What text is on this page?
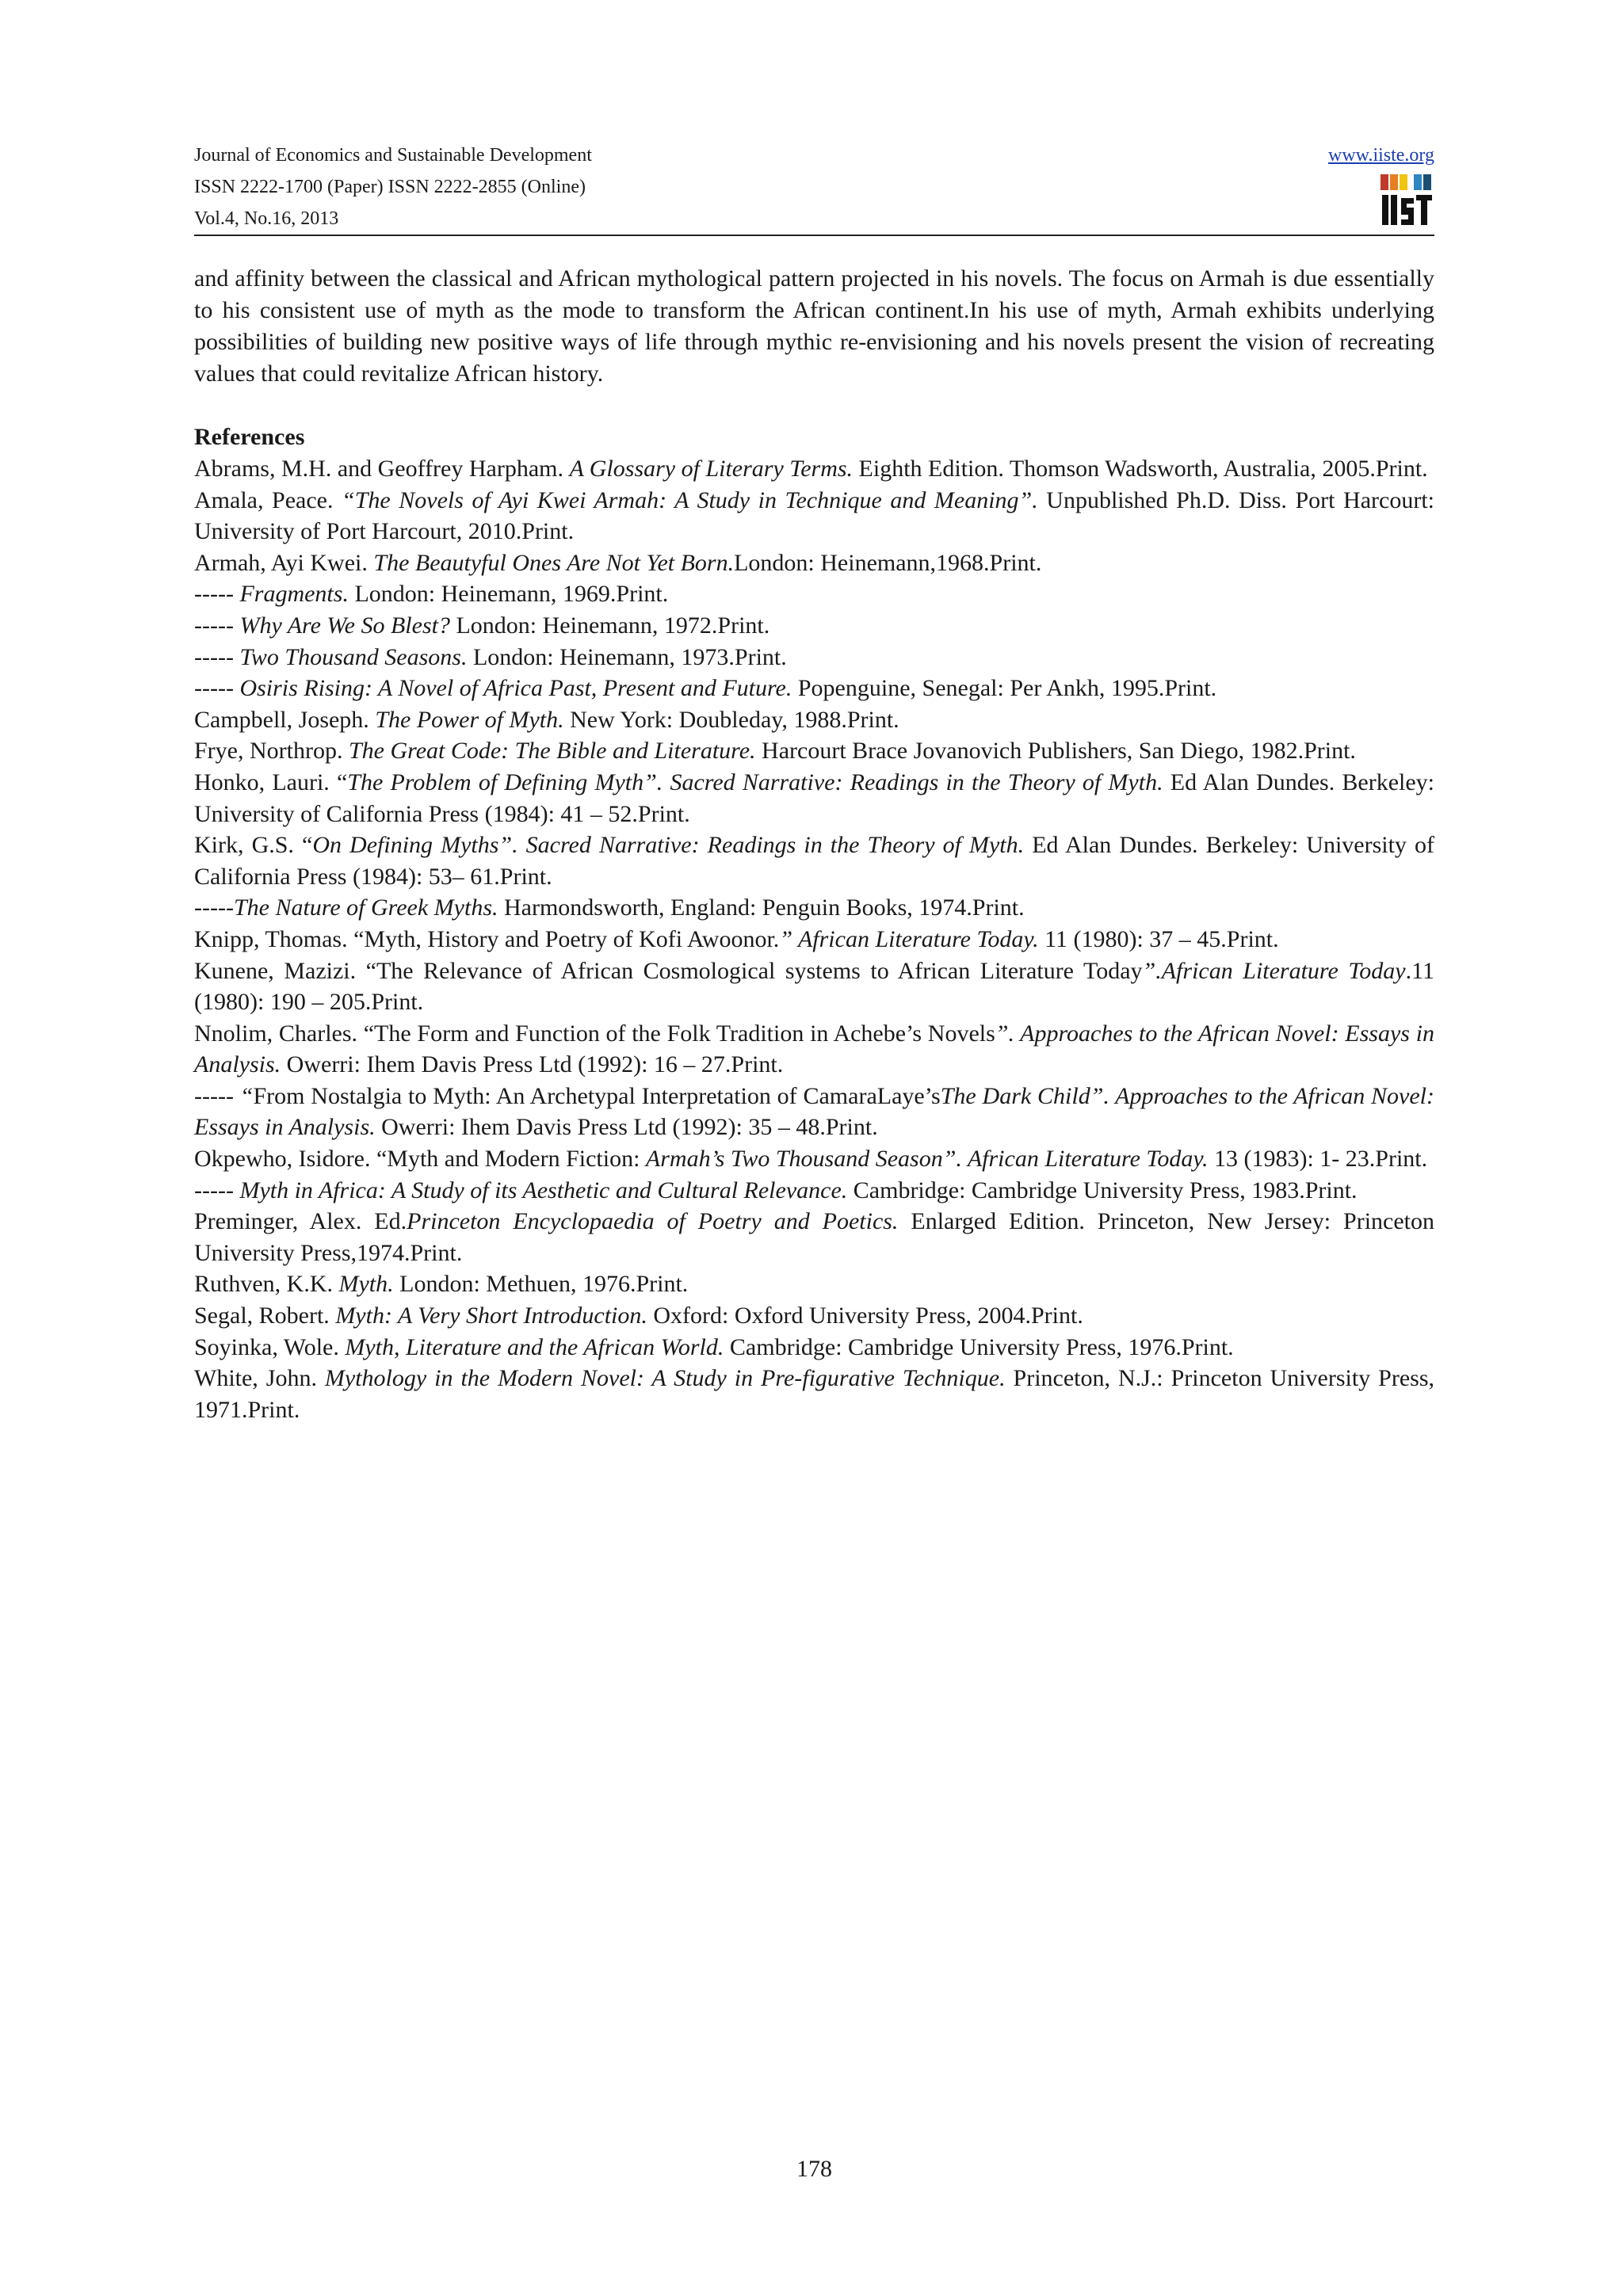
Journal of Economics and Sustainable Development
ISSN 2222-1700 (Paper) ISSN 2222-2855 (Online)
Vol.4, No.16, 2013
www.iiste.org
and affinity between the classical and African mythological pattern projected in his novels. The focus on Armah is due essentially to his consistent use of myth as the mode to transform the African continent.In his use of myth, Armah exhibits underlying possibilities of building new positive ways of life through mythic re-envisioning and his novels present the vision of recreating values that could revitalize African history.
References

Abrams, M.H. and Geoffrey Harpham. A Glossary of Literary Terms. Eighth Edition. Thomson Wadsworth, Australia, 2005.Print.

Amala, Peace. “The Novels of Ayi Kwei Armah: A Study in Technique and Meaning”. Unpublished Ph.D. Diss. Port Harcourt: University of Port Harcourt, 2010.Print.

Armah, Ayi Kwei. The Beautyful Ones Are Not Yet Born.London: Heinemann,1968.Print.

----- Fragments. London: Heinemann, 1969.Print.

----- Why Are We So Blest? London: Heinemann, 1972.Print.

----- Two Thousand Seasons. London: Heinemann, 1973.Print.

----- Osiris Rising: A Novel of Africa Past, Present and Future. Popenguine, Senegal: Per Ankh, 1995.Print.

Campbell, Joseph. The Power of Myth. New York: Doubleday, 1988.Print.

Frye, Northrop. The Great Code: The Bible and Literature. Harcourt Brace Jovanovich Publishers, San Diego, 1982.Print.

Honko, Lauri. “The Problem of Defining Myth”. Sacred Narrative: Readings in the Theory of Myth. Ed Alan Dundes. Berkeley: University of California Press (1984): 41 – 52.Print.

Kirk, G.S. “On Defining Myths”. Sacred Narrative: Readings in the Theory of Myth. Ed Alan Dundes. Berkeley: University of California Press (1984): 53– 61.Print.

-----The Nature of Greek Myths. Harmondsworth, England: Penguin Books, 1974.Print.

Knipp, Thomas. “Myth, History and Poetry of Kofi Awoonor.” African Literature Today. 11 (1980): 37 – 45.Print.

Kunene, Mazizi. “The Relevance of African Cosmological systems to African Literature Today”.African Literature Today.11 (1980): 190 – 205.Print.

Nnolim, Charles. “The Form and Function of the Folk Tradition in Achebe’s Novels”. Approaches to the African Novel: Essays in Analysis. Owerri: Ihem Davis Press Ltd (1992): 16 – 27.Print.

----- “From Nostalgia to Myth: An Archetypal Interpretation of CamaraLaye’sThe Dark Child”. Approaches to the African Novel: Essays in Analysis. Owerri: Ihem Davis Press Ltd (1992): 35 – 48.Print.

Okpewho, Isidore. “Myth and Modern Fiction: Armah’s Two Thousand Season”. African Literature Today. 13 (1983): 1- 23.Print.

----- Myth in Africa: A Study of its Aesthetic and Cultural Relevance. Cambridge: Cambridge University Press, 1983.Print.

Preminger, Alex. Ed.Princeton Encyclopaedia of Poetry and Poetics. Enlarged Edition. Princeton, New Jersey: Princeton University Press,1974.Print.

Ruthven, K.K. Myth. London: Methuen, 1976.Print.

Segal, Robert. Myth: A Very Short Introduction. Oxford: Oxford University Press, 2004.Print.

Soyinka, Wole. Myth, Literature and the African World. Cambridge: Cambridge University Press, 1976.Print.

White, John. Mythology in the Modern Novel: A Study in Pre-figurative Technique. Princeton, N.J.: Princeton University Press, 1971.Print.

178
